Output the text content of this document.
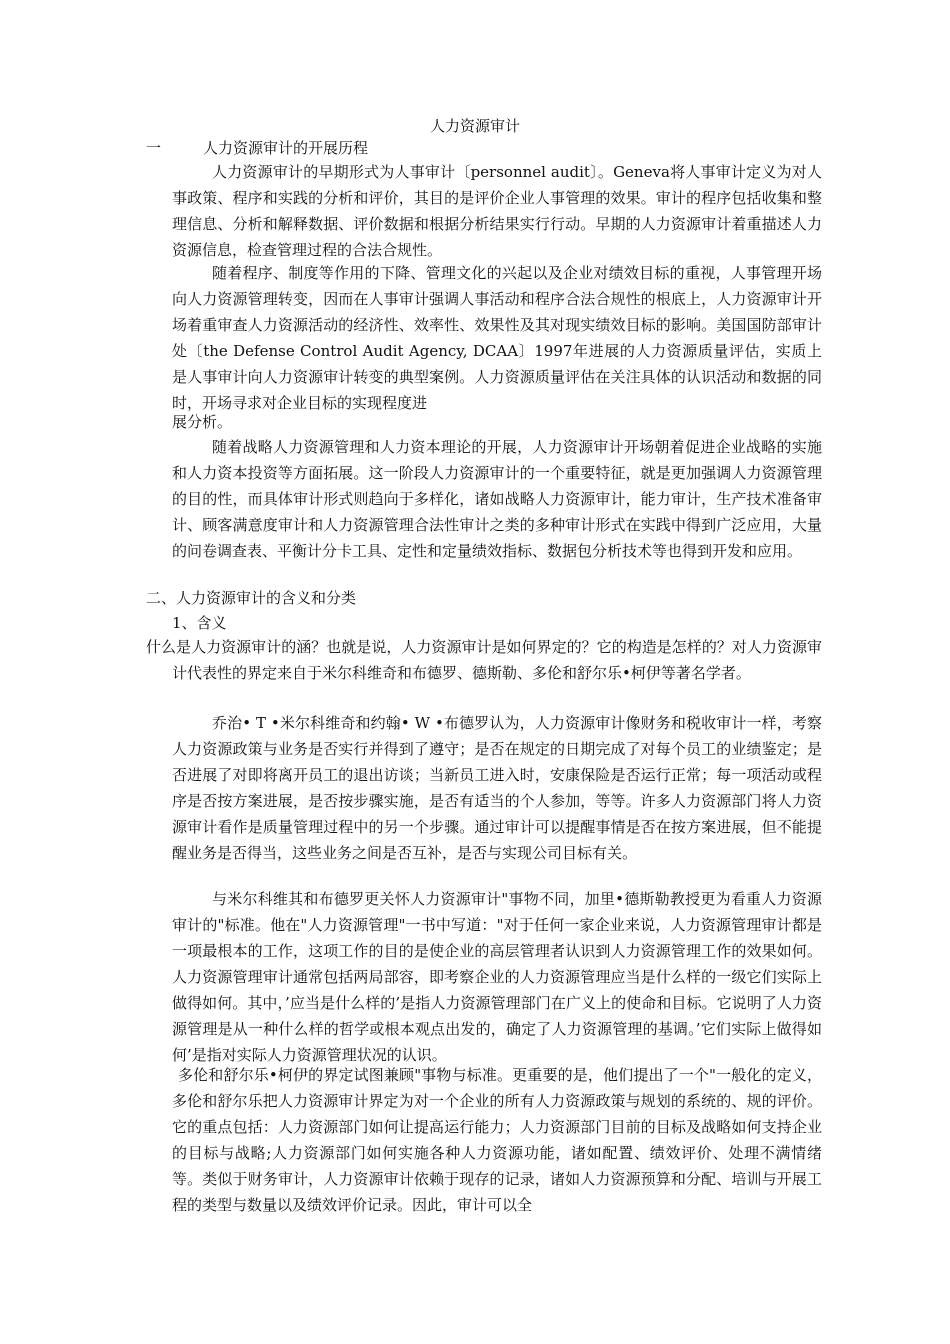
人力资源审计
一	人力资源审计的开展历程

人力资源审计的早期形式为人事审计〔personnel audit〕。Geneva将人事审计定义为对人事政策、程序和实践的分析和评价，其目的是评价企业人事管理的效果。审计的程序包括收集和整理信息、分析和解释数据、评价数据和根据分析结果实行行动。早期的人力资源审计着重描述人力资源信息，检查管理过程的合法合规性。

随着程序、制度等作用的下降、管理文化的兴起以及企业对绩效目标的重视，人事管理开场向人力资源管理转变，因而在人事审计强调人事活动和程序合法合规性的根底上，人力资源审计开场着重审查人力资源活动的经济性、效率性、效果性及其对现实绩效目标的影响。美国国防部审计处〔the Defense Control Audit Agency, DCAA〕1997年进展的人力资源质量评估，实质上是人事审计向人力资源审计转变的典型案例。人力资源质量评估在关注具体的认识活动和数据的同时，开场寻求对企业目标的实现程度进

展分析。

随着战略人力资源管理和人力资本理论的开展，人力资源审计开场朝着促进企业战略的实施和人力资本投资等方面拓展。这一阶段人力资源审计的一个重要特征，就是更加强调人力资源管理的目的性，而具体审计形式则趋向于多样化，诸如战略人力资源审计，能力审计，生产技术准备审计、顾客满意度审计和人力资源管理合法性审计之类的多种审计形式在实践中得到广泛应用，大量的问卷调查表、平衡计分卡工具、定性和定量绩效指标、数据包分析技术等也得到开发和应用。

二、人力资源审计的含义和分类

1、含义

什么是人力资源审计的涵？也就是说，人力资源审计是如何界定的？它的构造是怎样的？对人力资源审计代表性的界定来自于米尔科维奇和布德罗、德斯勒、多伦和舒尔乐•柯伊等著名学者。

乔治• T •米尔科维奇和约翰• W •布德罗认为，人力资源审计像财务和税收审计一样，考察人力资源政策与业务是否实行并得到了遵守；是否在规定的日期完成了对每个员工的业绩鉴定；是否进展了对即将离开员工的退出访谈；当新员工进入时，安康保险是否运行正常；每一项活动或程序是否按方案进展，是否按步骤实施，是否有适当的个人参加，等等。许多人力资源部门将人力资源审计看作是质量管理过程中的另一个步骤。通过审计可以提醒事情是否在按方案进展，但不能提醒业务是否得当，这些业务之间是否互补，是否与实现公司目标有关。

与米尔科维其和布德罗更关怀人力资源审计"事物不同，加里•德斯勒教授更为看重人力资源审计的"标准。他在"人力资源管理"一书中写道："对于任何一家企业来说，人力资源管理审计都是一项最根本的工作，这项工作的目的是使企业的高层管理者认识到人力资源管理工作的效果如何。人力资源管理审计通常包括两局部容，即考察企业的人力资源管理应当是什么样的一级它们实际上做得如何。其中，’应当是什么样的’是指人力资源管理部门在广义上的使命和目标。它说明了人力资源管理是从一种什么样的哲学或根本观点出发的，确定了人力资源管理的基调。’它们实际上做得如何’是指对实际人力资源管理状况的认识。

多伦和舒尔乐•柯伊的界定试图兼顾"事物与标准。更重要的是，他们提出了一个"一般化的定义，多伦和舒尔乐把人力资源审计界定为对一个企业的所有人力资源政策与规划的系统的、规的评价。它的重点包括：人力资源部门如何让提高运行能力；人力资源部门目前的目标及战略如何支持企业的目标与战略;人力资源部门如何实施各种人力资源功能，诸如配置、绩效评价、处理不满情绪等。类似于财务审计，人力资源审计依赖于现存的记录，诸如人力资源预算和分配、培训与开展工程的类型与数量以及绩效评价记录。因此，审计可以全
